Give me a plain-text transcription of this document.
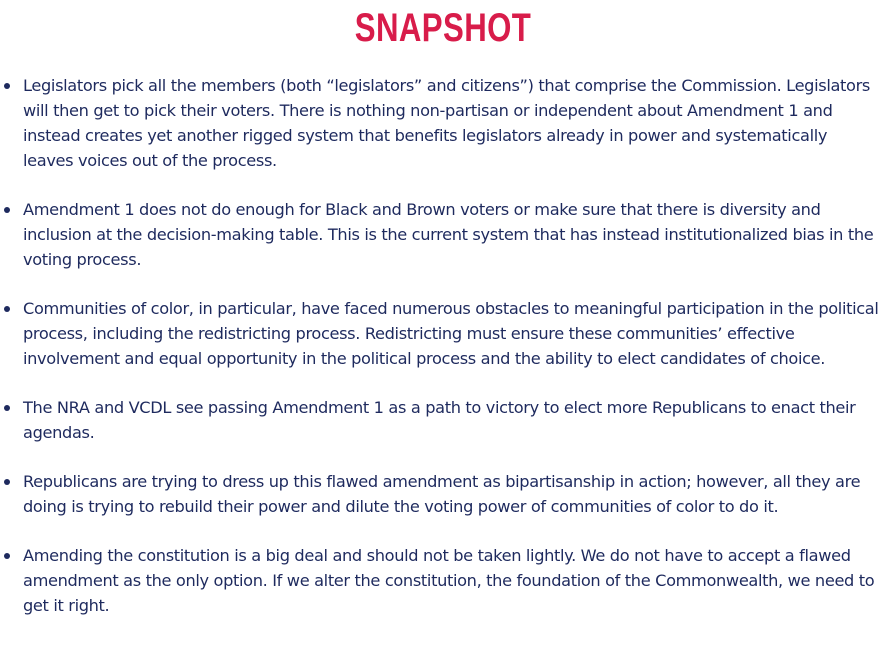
SNAPSHOT
Legislators pick all the members (both “legislators” and citizens”) that comprise the Commission. Legislators will then get to pick their voters. There is nothing non-partisan or independent about Amendment 1 and instead creates yet another rigged system that benefits legislators already in power and systematically leaves voices out of the process.
Amendment 1 does not do enough for Black and Brown voters or make sure that there is diversity and inclusion at the decision-making table. This is the current system that has instead institutionalized bias in the voting process.
Communities of color, in particular, have faced numerous obstacles to meaningful participation in the political process, including the redistricting process. Redistricting must ensure these communities’ effective involvement and equal opportunity in the political process and the ability to elect candidates of choice.
The NRA and VCDL see passing Amendment 1 as a path to victory to elect more Republicans to enact their agendas.
Republicans are trying to dress up this flawed amendment as bipartisanship in action; however, all they are doing is trying to rebuild their power and dilute the voting power of communities of color to do it.
Amending the constitution is a big deal and should not be taken lightly. We do not have to accept a flawed amendment as the only option. If we alter the constitution, the foundation of the Commonwealth, we need to get it right.
